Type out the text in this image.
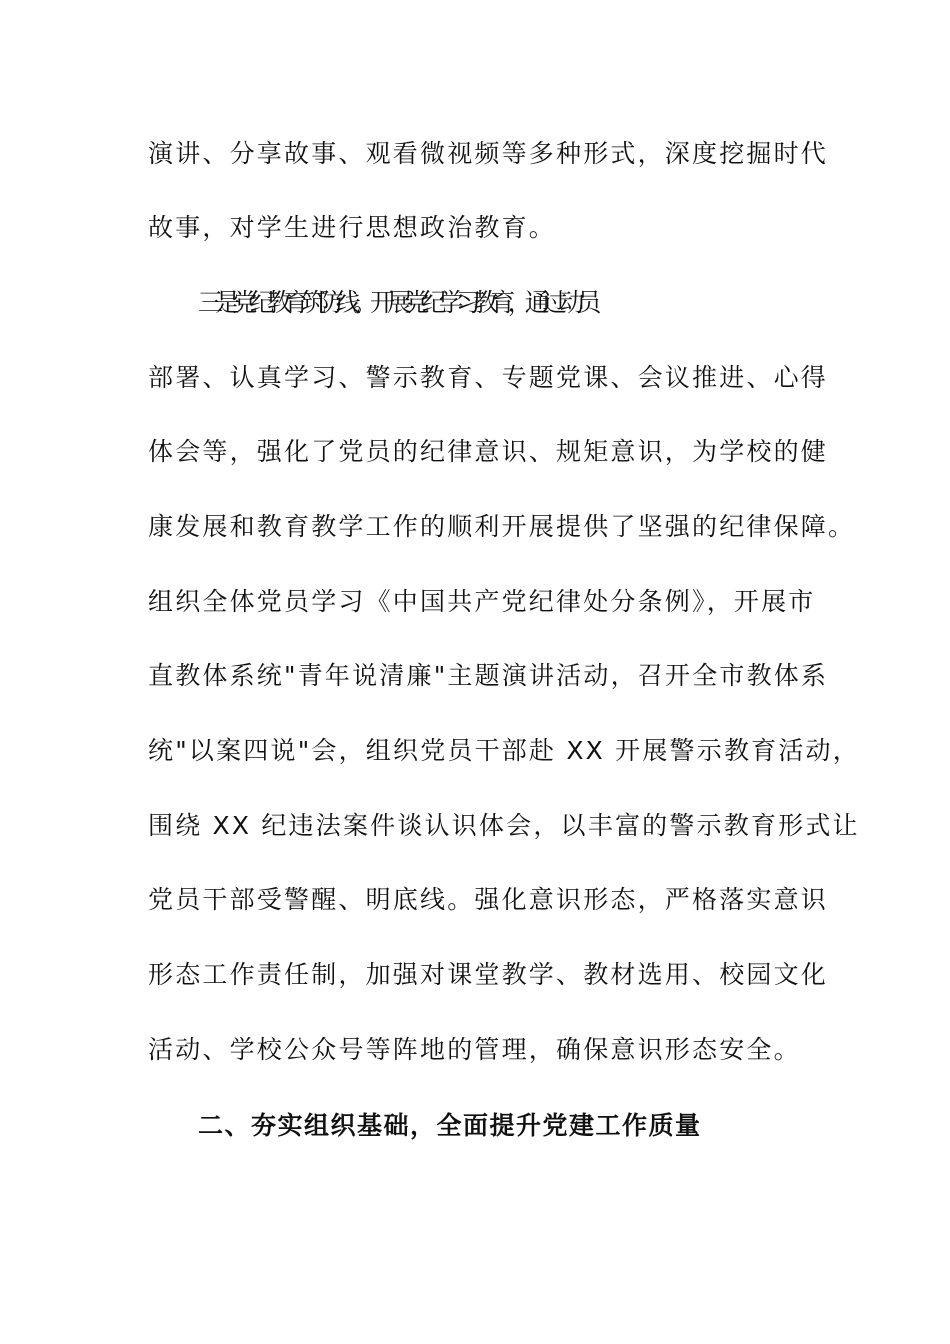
演讲、分享故事、观看微视频等多种形式，深度挖掘时代
故事，对学生进行思想政治教育。
三是党纪教育筑防线。开展党纪学习教育，通过动员
部署、认真学习、警示教育、专题党课、会议推进、心得
体会等，强化了党员的纪律意识、规矩意识，为学校的健
康发展和教育教学工作的顺利开展提供了坚强的纪律保障。
组织全体党员学习《中国共产党纪律处分条例》，开展市
直教体系统"青年说清廉"主题演讲活动，召开全市教体系
统"以案四说"会，组织党员干部赴 XX 开展警示教育活动，
围绕 XX 纪违法案件谈认识体会，以丰富的警示教育形式让
党员干部受警醒、明底线。强化意识形态，严格落实意识
形态工作责任制，加强对课堂教学、教材选用、校园文化
活动、学校公众号等阵地的管理，确保意识形态安全。
二、夯实组织基础，全面提升党建工作质量
